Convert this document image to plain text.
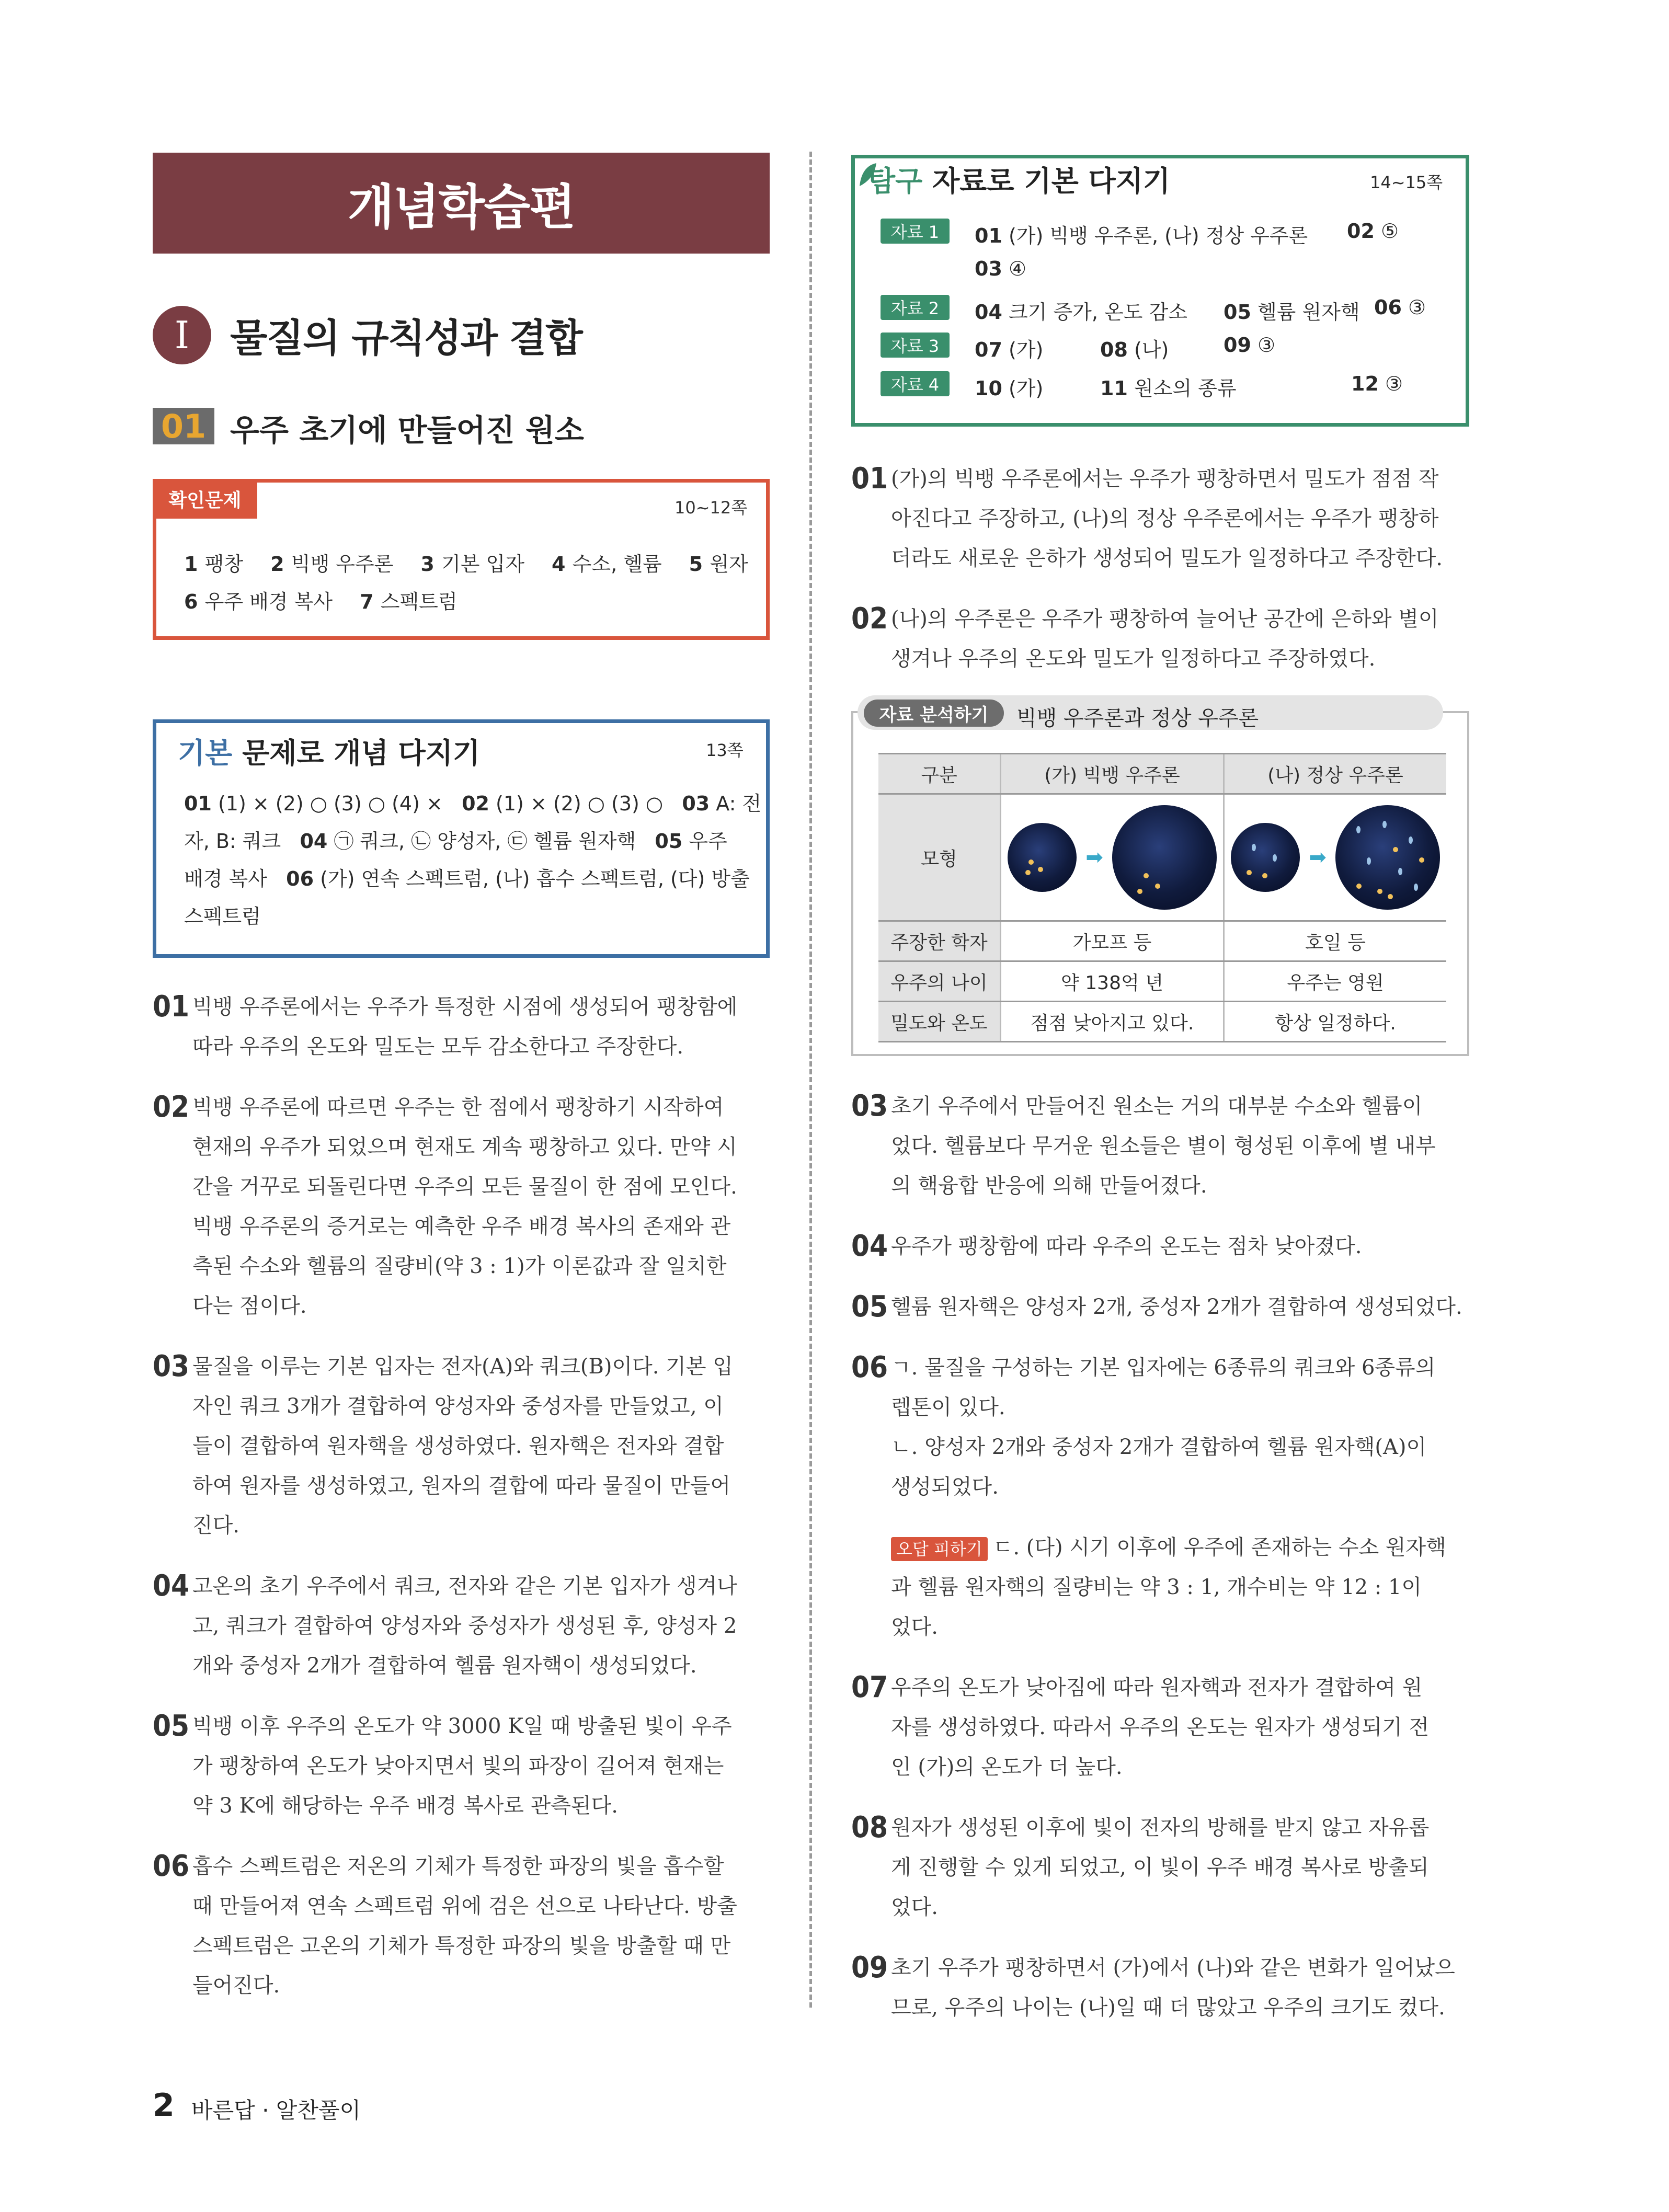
개념학습편
I	물질의 규칙성과 결합
01 우주 초기에 만들어진 원소
확인문제	10~12쪽
1 팽창 2 빅뱅 우주론 3 기본 입자 4 수소, 헬륨 5 원자
6 우주 배경 복사 7 스펙트럼
기본 문제로 개념 다지기	13쪽
01 (1) × (2) ○ (3) ○ (4) ×   02 (1) × (2) ○ (3) ○   03 A: 전
자, B: 쿼크   04 ㉠ 쿼크, ㉡ 양성자, ㉢ 헬륨 원자핵   05 우주
배경 복사   06 (가) 연속 스펙트럼, (나) 흡수 스펙트럼, (다) 방출
스펙트럼
01 빅뱅 우주론에서는 우주가 특정한 시점에 생성되어 팽창함에
따라 우주의 온도와 밀도는 모두 감소한다고 주장한다.
02 빅뱅 우주론에 따르면 우주는 한 점에서 팽창하기 시작하여
현재의 우주가 되었으며 현재도 계속 팽창하고 있다. 만약 시
간을 거꾸로 되돌린다면 우주의 모든 물질이 한 점에 모인다.
빅뱅 우주론의 증거로는 예측한 우주 배경 복사의 존재와 관
측된 수소와 헬륨의 질량비(약 3 : 1)가 이론값과 잘 일치한
다는 점이다.
03 물질을 이루는 기본 입자는 전자(A)와 쿼크(B)이다. 기본 입
자인 쿼크 3개가 결합하여 양성자와 중성자를 만들었고, 이
들이 결합하여 원자핵을 생성하였다. 원자핵은 전자와 결합
하여 원자를 생성하였고, 원자의 결합에 따라 물질이 만들어
진다.
04 고온의 초기 우주에서 쿼크, 전자와 같은 기본 입자가 생겨나
고, 쿼크가 결합하여 양성자와 중성자가 생성된 후, 양성자 2
개와 중성자 2개가 결합하여 헬륨 원자핵이 생성되었다.
05 빅뱅 이후 우주의 온도가 약 3000 K일 때 방출된 빛이 우주
가 팽창하여 온도가 낮아지면서 빛의 파장이 길어져 현재는
약 3 K에 해당하는 우주 배경 복사로 관측된다.
06 흡수 스펙트럼은 저온의 기체가 특정한 파장의 빛을 흡수할
때 만들어져 연속 스펙트럼 위에 검은 선으로 나타난다. 방출
스펙트럼은 고온의 기체가 특정한 파장의 빛을 방출할 때 만
들어진다.
탐구 자료로 기본 다지기	14~15쪽
자료 1	01 (가) 빅뱅 우주론, (나) 정상 우주론 02 ⑤
03 ④
자료 2	04 크기 증가, 온도 감소 05 헬륨 원자핵 06 ③
자료 3	07 (가)	08 (나)	09 ③
자료 4	10 (가)	11 원소의 종류	12 ③
01 (가)의 빅뱅 우주론에서는 우주가 팽창하면서 밀도가 점점 작
아진다고 주장하고, (나)의 정상 우주론에서는 우주가 팽창하
더라도 새로운 은하가 생성되어 밀도가 일정하다고 주장한다.
02 (나)의 우주론은 우주가 팽창하여 늘어난 공간에 은하와 별이
생겨나 우주의 온도와 밀도가 일정하다고 주장하였다.
자료 분석하기	빅뱅 우주론과 정상 우주론
구분	(가) 빅뱅 우주론	(나) 정상 우주론
모형	➡	➡

주장한 학자	가모프 등	호일 등
우주의 나이	약 138억 년	우주는 영원
밀도와 온도	점점 낮아지고 있다.	항상 일정하다.
03 초기 우주에서 만들어진 원소는 거의 대부분 수소와 헬륨이
었다. 헬륨보다 무거운 원소들은 별이 형성된 이후에 별 내부
의 핵융합 반응에 의해 만들어졌다.
04 우주가 팽창함에 따라 우주의 온도는 점차 낮아졌다.
05 헬륨 원자핵은 양성자 2개, 중성자 2개가 결합하여 생성되었다.
06 ㄱ. 물질을 구성하는 기본 입자에는 6종류의 쿼크와 6종류의
렙톤이 있다.
ㄴ. 양성자 2개와 중성자 2개가 결합하여 헬륨 원자핵(A)이
생성되었다.
오답 피하기 ㄷ. (다) 시기 이후에 우주에 존재하는 수소 원자핵
과 헬륨 원자핵의 질량비는 약 3 : 1, 개수비는 약 12 : 1이
었다.
07 우주의 온도가 낮아짐에 따라 원자핵과 전자가 결합하여 원
자를 생성하였다. 따라서 우주의 온도는 원자가 생성되기 전
인 (가)의 온도가 더 높다.
08 원자가 생성된 이후에 빛이 전자의 방해를 받지 않고 자유롭
게 진행할 수 있게 되었고, 이 빛이 우주 배경 복사로 방출되
었다.
09 초기 우주가 팽창하면서 (가)에서 (나)와 같은 변화가 일어났으
므로, 우주의 나이는 (나)일 때 더 많았고 우주의 크기도 컸다.
2 바른답 · 알찬풀이
